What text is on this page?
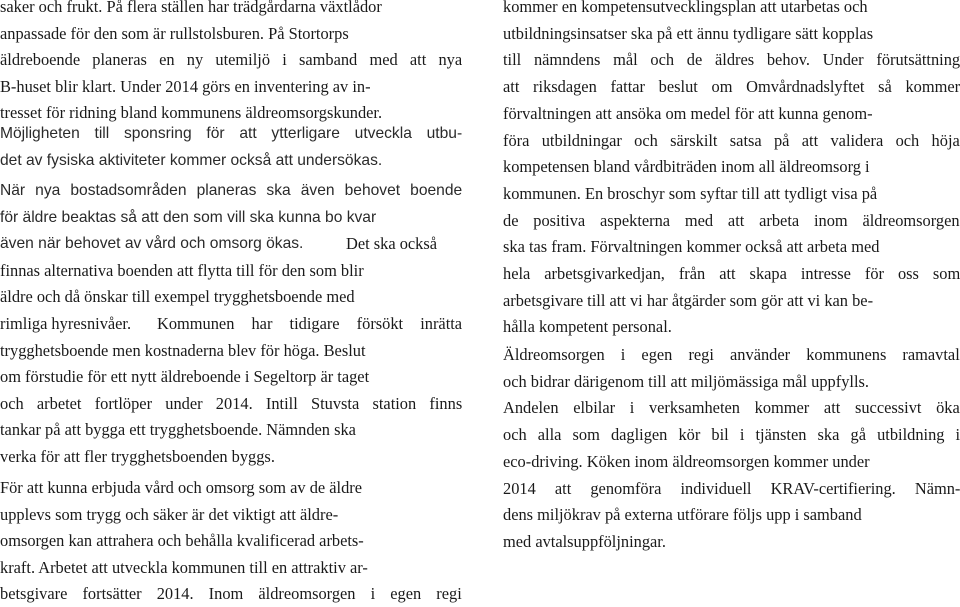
saker och frukt. På flera ställen har trädgårdarna växtlådor
anpassade för den som är rullstolsburen. På Stortorps
äldreboende planeras en ny utemiljö i samband med att nya
B-huset blir klart. Under 2014 görs en inventering av in-
tresset för ridning bland kommunens äldreomsorgskunder.
Möjligheten till sponsring för att ytterligare utveckla utbu-
det av fysiska aktiviteter kommer också att undersökas.
När nya bostadsområden planeras ska även behovet boende
för äldre beaktas så att den som vill ska kunna bo kvar
även när behovet av vård och omsorg ökas.	Det ska också
finnas alternativa boenden att flytta till för den som blir
äldre och då önskar till exempel trygghetsboende med
rimliga hyresnivåer. Kommunen har tidigare försökt inrätta
trygghetsboende men kostnaderna blev för höga. Beslut
om förstudie för ett nytt äldreboende i Segeltorp är taget
och arbetet fortlöper under 2014. Intill Stuvsta station finns
tankar på att bygga ett trygghetsboende. Nämnden ska
verka för att fler trygghetsboenden byggs.
För att kunna erbjuda vård och omsorg som av de äldre
upplevs som trygg och säker är det viktigt att äldre-
omsorgen kan attrahera och behålla kvalificerad arbets-
kraft. Arbetet att utveckla kommunen till en attraktiv ar-
betsgivare fortsätter 2014. Inom äldreomsorgen i egen regi
kommer en kompetensutvecklingsplan att utarbetas och
utbildningsinsatser ska på ett ännu tydligare sätt kopplas
till nämndens mål och de äldres behov. Under förutsättning
att riksdagen fattar beslut om Omvårdnadslyftet så kommer
förvaltningen att ansöka om medel för att kunna genom-
föra utbildningar och särskilt satsa på att validera och höja
kompetensen bland vårdbiträden inom all äldreomsorg i
kommunen. En broschyr som syftar till att tydligt visa på
de positiva aspekterna med att arbeta inom äldreomsorgen
ska tas fram. Förvaltningen kommer också att arbeta med
hela arbetsgivarkedjan, från att skapa intresse för oss som
arbetsgivare till att vi har åtgärder som gör att vi kan be-
hålla kompetent personal.
Äldreomsorgen i egen regi använder kommunens ramavtal
och bidrar därigenom till att miljömässiga mål uppfylls.
Andelen elbilar i verksamheten kommer att successivt öka
och alla som dagligen kör bil i tjänsten ska gå utbildning i
eco-driving. Köken inom äldreomsorgen kommer under
2014 att genomföra individuell KRAV-certifiering. Nämn-
dens miljökrav på externa utförare följs upp i samband
med avtalsuppföljningar.
